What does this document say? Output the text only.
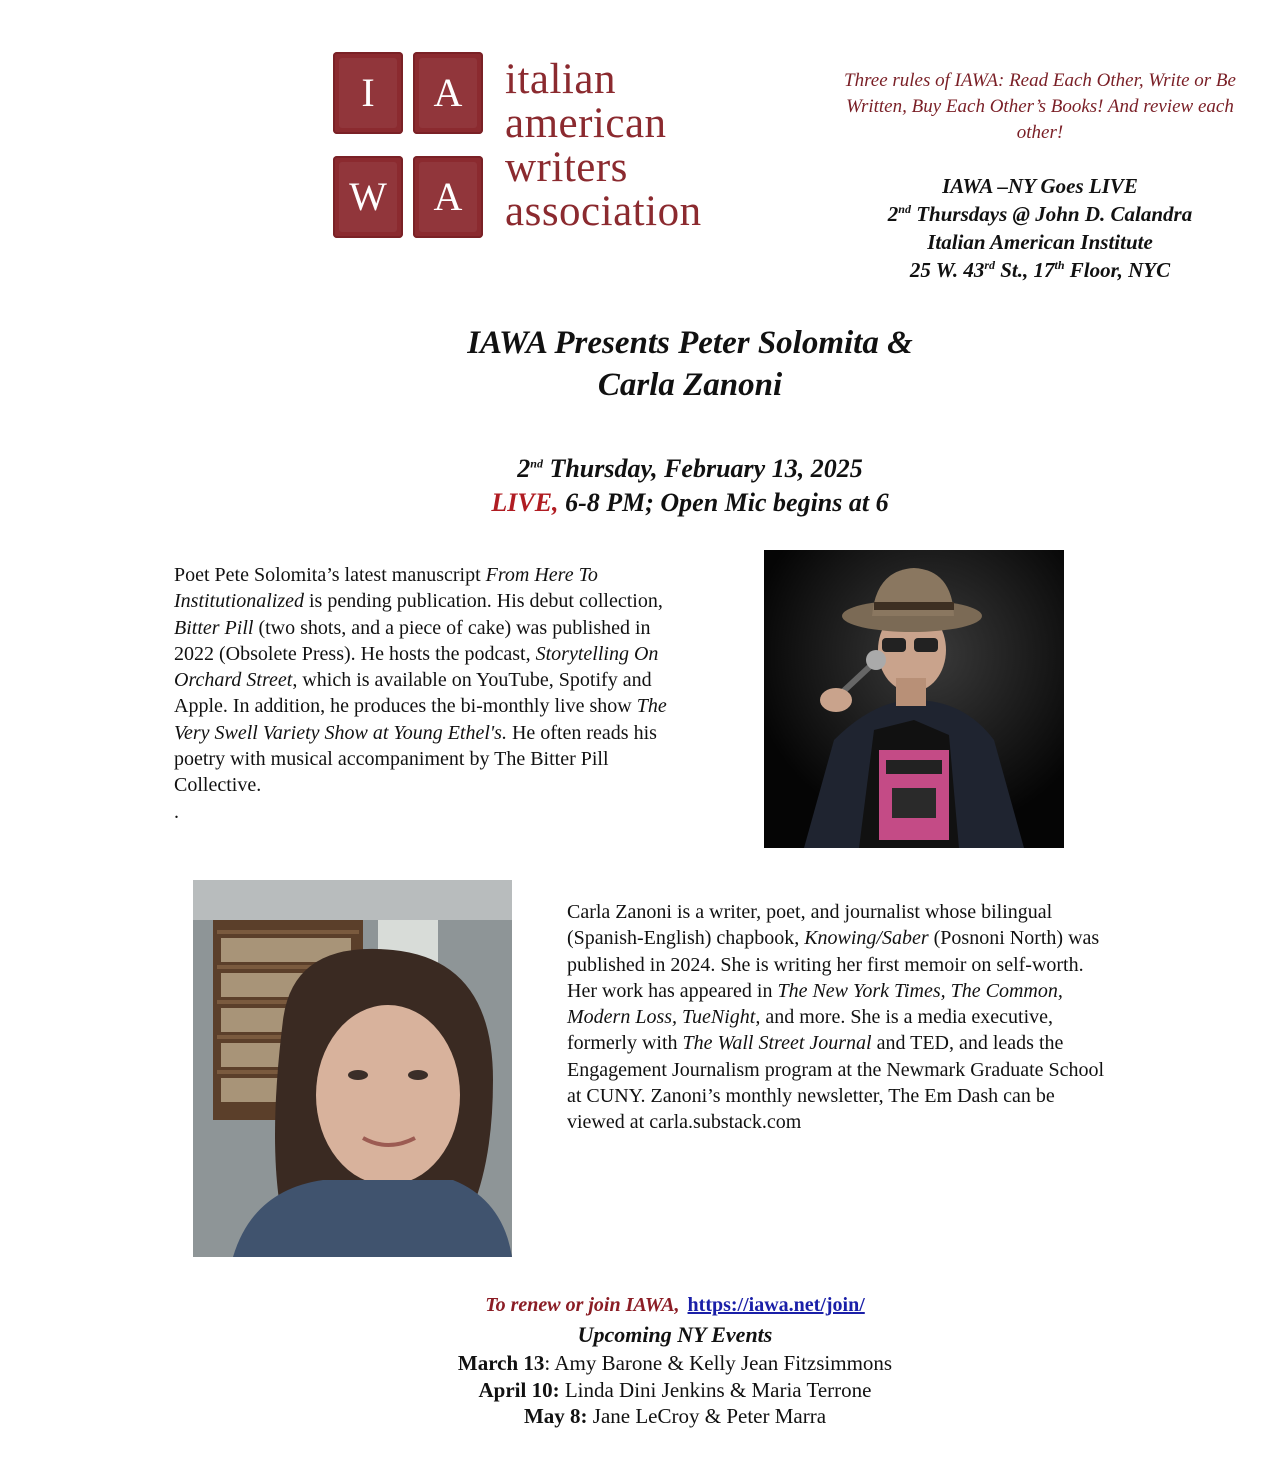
I	A
W	A
italian
american
writers
association
Three rules of IAWA: Read Each Other, Write or Be Written, Buy Each Other’s Books! And review each other!
IAWA –NY Goes LIVE
2nd Thursdays @ John D. Calandra
Italian American Institute
25 W. 43rd St., 17th Floor, NYC
IAWA Presents Peter Solomita &
Carla Zanoni
2nd Thursday, February 13, 2025
LIVE, 6-8 PM; Open Mic begins at 6
Poet Pete Solomita’s latest manuscript From Here To Institutionalized is pending publication. His debut collection, Bitter Pill (two shots, and a piece of cake) was published in 2022 (Obsolete Press). He hosts the podcast, Storytelling On Orchard Street, which is available on YouTube, Spotify and Apple. In addition, he produces the bi-monthly live show The Very Swell Variety Show at Young Ethel's. He often reads his poetry with musical accompaniment by The Bitter Pill Collective.
.
Carla Zanoni is a writer, poet, and journalist whose bilingual (Spanish-English) chapbook, Knowing/Saber (Posnoni North) was published in 2024. She is writing her first memoir on self-worth. Her work has appeared in The New York Times, The Common, Modern Loss, TueNight, and more. She is a media executive, formerly with The Wall Street Journal and TED, and leads the Engagement Journalism program at the Newmark Graduate School at CUNY. Zanoni’s monthly newsletter, The Em Dash can be viewed at carla.substack.com
To renew or join IAWA, https://iawa.net/join/
Upcoming NY Events
March 13: Amy Barone & Kelly Jean Fitzsimmons
April 10: Linda Dini Jenkins & Maria Terrone
May 8: Jane LeCroy & Peter Marra
